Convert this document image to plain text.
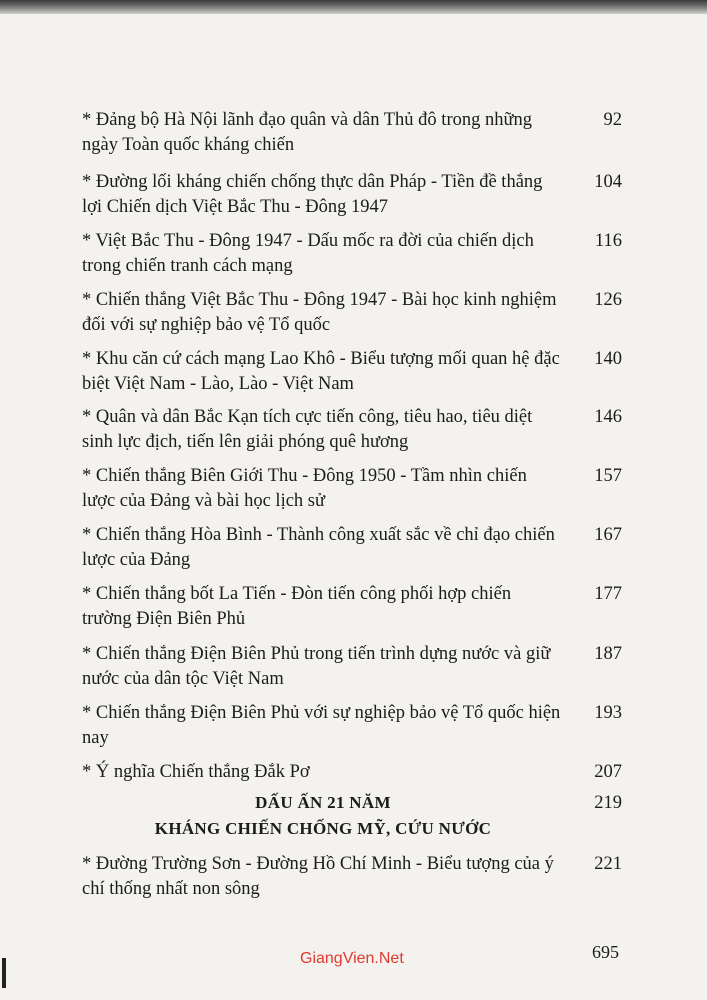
* Đảng bộ Hà Nội lãnh đạo quân và dân Thủ đô trong những ngày Toàn quốc kháng chiến
92
* Đường lối kháng chiến chống thực dân Pháp - Tiền đề thắng lợi Chiến dịch Việt Bắc Thu - Đông 1947
104
* Việt Bắc Thu - Đông 1947 - Dấu mốc ra đời của chiến dịch trong chiến tranh cách mạng
116
* Chiến thắng Việt Bắc Thu - Đông 1947 - Bài học kinh nghiệm đối với sự nghiệp bảo vệ Tổ quốc
126
* Khu căn cứ cách mạng Lao Khô - Biểu tượng mối quan hệ đặc biệt Việt Nam - Lào, Lào - Việt Nam
140
* Quân và dân Bắc Kạn tích cực tiến công, tiêu hao, tiêu diệt sinh lực địch, tiến lên giải phóng quê hương
146
* Chiến thắng Biên Giới Thu - Đông 1950 - Tầm nhìn chiến lược của Đảng và bài học lịch sử
157
* Chiến thắng Hòa Bình - Thành công xuất sắc về chỉ đạo chiến lược của Đảng
167
* Chiến thắng bốt La Tiến - Đòn tiến công phối hợp chiến trường Điện Biên Phủ
177
* Chiến thắng Điện Biên Phủ trong tiến trình dựng nước và giữ nước của dân tộc Việt Nam
187
* Chiến thắng Điện Biên Phủ với sự nghiệp bảo vệ Tổ quốc hiện nay
193
* Ý nghĩa Chiến thắng Đắk Pơ	207
DẤU ẤN 21 NĂM
KHÁNG CHIẾN CHỐNG MỸ, CỨU NƯỚC
219
* Đường Trường Sơn - Đường Hồ Chí Minh - Biểu tượng của ý chí thống nhất non sông
221
GiangVien.Net	695
